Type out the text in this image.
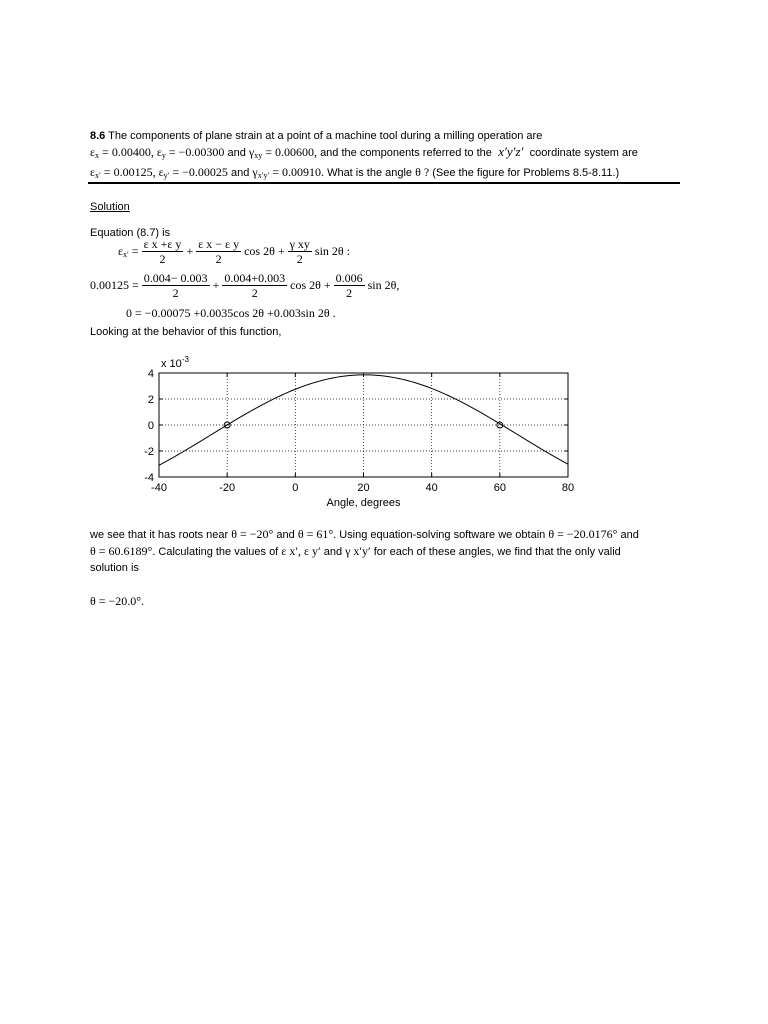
8.6 The components of plane strain at a point of a machine tool during a milling operation are
$\varepsilon_x = 0.00400$, $\varepsilon_y = -0.00300$ and $\gamma_{xy} = 0.00600$, and the components referred to the x′y′z′ coordinate system are
$\varepsilon_{x'} = 0.00125$, $\varepsilon_{y'} = -0.00025$ and $\gamma_{x'y'} = 0.00910$. What is the angle θ ? (See the figure for Problems 8.5-8.11.)
Solution
Equation (8.7) is
$\varepsilon_{x'} = \frac{\text{ε x +ε y}}{2} + \frac{\text{ε x − ε y}}{2}$ $\cos 2\theta + \frac{\text{γ xy}}{2}$ sin 2θ :
$0.00125 = \frac{0.004- 0.003}{2} + \frac{0.004+0.003}{2}$ $\cos 2\theta + \frac{0.006}{2}$ sin 2θ,
0 = −0.00075 +0.0035cos 2θ +0.003sin 2θ .
Looking at the behavior of this function,
-40	-20	0	20	40	60	80
4
2
0
-2
-4
x $10^{-3}$
Angle, degrees
we see that it has roots near θ = −20° and θ = 61°. Using equation-solving software we obtain θ = −20.0176° and
θ = 60.6189°. Calculating the values of ε x′, ε y′ and γ x′y′ for each of these angles, we find that the only valid
solution is
θ = −20.0°.
